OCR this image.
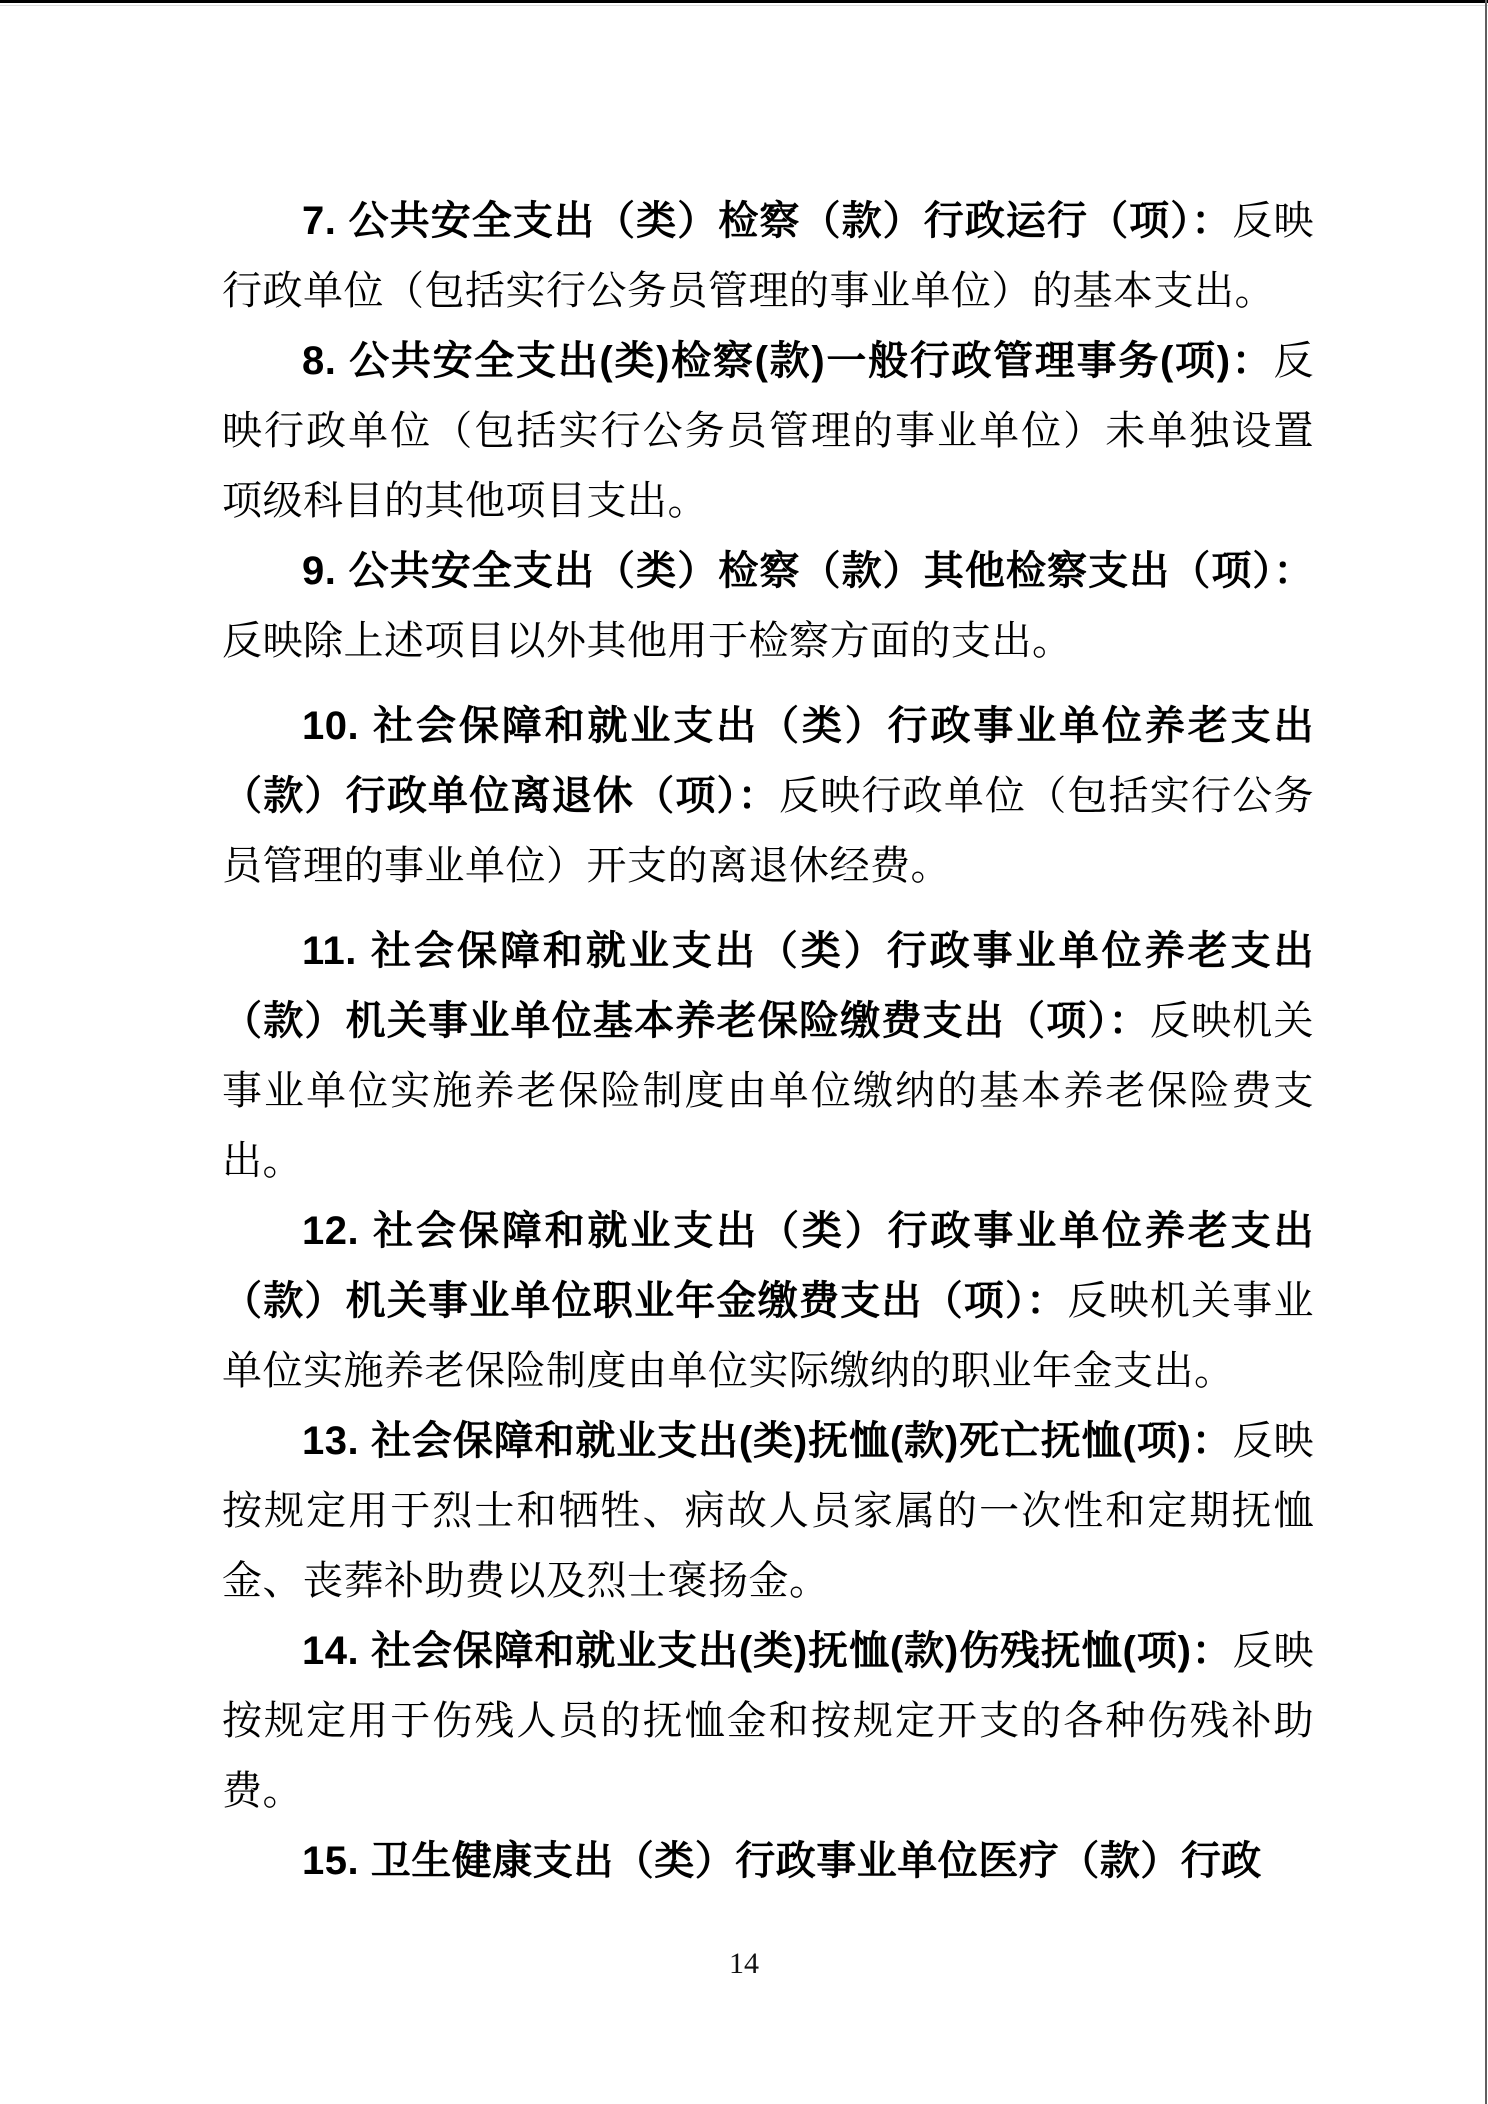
7. 公共安全支出（类）检察（款）行政运行（项）：反映行政单位（包括实行公务员管理的事业单位）的基本支出。

8. 公共安全支出(类)检察(款)一般行政管理事务(项)：反映行政单位（包括实行公务员管理的事业单位）未单独设置项级科目的其他项目支出。

9. 公共安全支出（类）检察（款）其他检察支出（项）：反映除上述项目以外其他用于检察方面的支出。

10. 社会保障和就业支出（类）行政事业单位养老支出（款）行政单位离退休（项）：反映行政单位（包括实行公务员管理的事业单位）开支的离退休经费。

11. 社会保障和就业支出（类）行政事业单位养老支出（款）机关事业单位基本养老保险缴费支出（项）：反映机关事业单位实施养老保险制度由单位缴纳的基本养老保险费支出。

12. 社会保障和就业支出（类）行政事业单位养老支出（款）机关事业单位职业年金缴费支出（项）：反映机关事业单位实施养老保险制度由单位实际缴纳的职业年金支出。

13. 社会保障和就业支出(类)抚恤(款)死亡抚恤(项)：反映按规定用于烈士和牺牲、病故人员家属的一次性和定期抚恤金、丧葬补助费以及烈士褒扬金。

14. 社会保障和就业支出(类)抚恤(款)伤残抚恤(项)：反映按规定用于伤残人员的抚恤金和按规定开支的各种伤残补助费。

15. 卫生健康支出（类）行政事业单位医疗（款）行政

14
